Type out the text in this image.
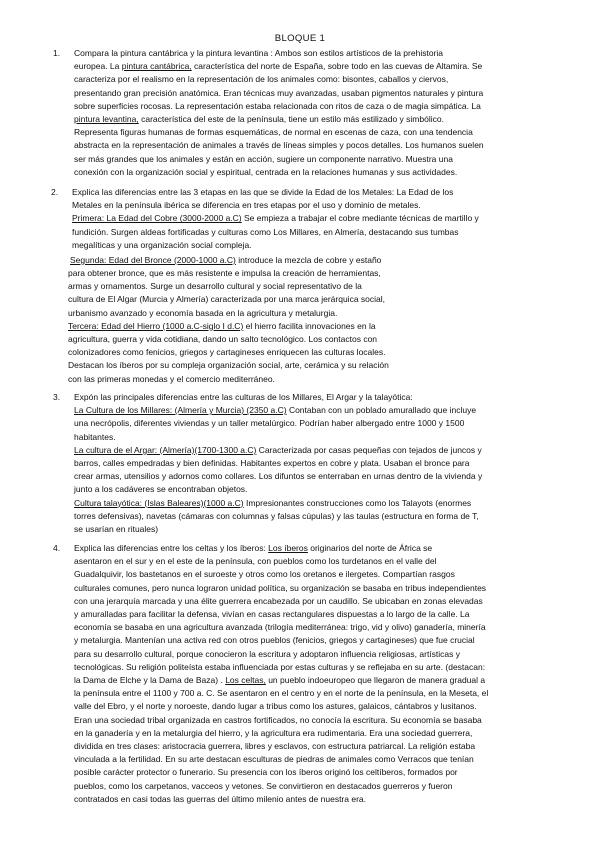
BLOQUE 1
1. Compara la pintura cantábrica y la pintura levantina : Ambos son estilos artísticos de la prehistoria
europea. La pintura cantábrica, característica del norte de España, sobre todo en las cuevas de Altamira. Se
caracteriza por el realismo en la representación de los animales como: bisontes, caballos y ciervos,
presentando gran precisión anatómica. Eran técnicas muy avanzadas, usaban pigmentos naturales y pintura
sobre superficies rocosas. La representación estaba relacionada con ritos de caza o de magia simpática. La
pintura levantina, característica del este de la península, tiene un estilo más estilizado y simbólico.
Representa figuras humanas de formas esquemáticas, de normal en escenas de caza, con una tendencia
abstracta en la representación de animales a través de líneas simples y pocos detalles. Los humanos suelen
ser más grandes que los animales y están en acción, sugiere un componente narrativo. Muestra una
conexión con la organización social y espiritual, centrada en la relaciones humanas y sus actividades.

2. Explica las diferencias entre las 3 etapas en las que se divide la Edad de los Metales: La Edad de los
Metales en la península ibérica se diferencia en tres etapas por el uso y dominio de metales.
Primera: La Edad del Cobre (3000-2000 a.C) Se empieza a trabajar el cobre mediante técnicas de martillo y
fundición. Surgen aldeas fortificadas y culturas como Los Millares, en Almería, destacando sus tumbas
megalíticas y una organización social compleja.

Segunda: Edad del Bronce (2000-1000 a.C) introduce la mezcla de cobre y estaño

para obtener bronce, que es más resistente e impulsa la creación de herramientas,
armas y ornamentos. Surge un desarrollo cultural y social representativo de la
cultura de El Algar (Murcia y Almería) caracterizada por una marca jerárquica social,
urbanismo avanzado y economía basada en la agricultura y metalurgia.
Tercera: Edad del Hierro (1000 a.C-siglo I d.C) el hierro facilita innovaciones en la
agricultura, guerra y vida cotidiana, dando un salto tecnológico. Los contactos con
colonizadores como fenicios, griegos y cartagineses enriquecen las culturas locales.
Destacan los íberos por su compleja organización social, arte, cerámica y su relación
con las primeras monedas y el comercio mediterráneo.

3. Expón las principales diferencias entre las culturas de los Millares, El Argar y la talayótica:
La Cultura de los Millares: (Almería y Murcia) (2350 a.C) Contaban con un poblado amurallado que incluye
una necrópolis, diferentes viviendas y un taller metalúrgico. Podrían haber albergado entre 1000 y 1500
habitantes.
La cultura de el Argar: (Almería)(1700-1300 a.C) Caracterizada por casas pequeñas con tejados de juncos y
barros, calles empedradas y bien definidas. Habitantes expertos en cobre y plata. Usaban el bronce para
crear armas, utensilios y adornos como collares. Los difuntos se enterraban en urnas dentro de la vivienda y
junto a los cadáveres se encontraban objetos.
Cultura talayótica: (Islas Baleares)(1000 a.C) Impresionantes construcciones como los Talayots (enormes
torres defensivas), navetas (cámaras con columnas y falsas cúpulas) y las taulas (estructura en forma de T,
se usarían en rituales)

4. Explica las diferencias entre los celtas y los íberos: Los íberos originarios del norte de África se
asentaron en el sur y en el este de la península, con pueblos como los turdetanos en el valle del
Guadalquivir, los bastetanos en el suroeste y otros como los oretanos e ilergetes. Compartían rasgos
culturales comunes, pero nunca lograron unidad política, su organización se basaba en tribus independientes
con una jerarquía marcada y una élite guerrera encabezada por un caudillo. Se ubicaban en zonas elevadas
y amuralladas para facilitar la defensa, vivían en casas rectangulares dispuestas a lo largo de la calle. La
economía se basaba en una agricultura avanzada (trilogía mediterránea: trigo, vid y olivo) ganadería, minería
y metalurgia. Mantenían una activa red con otros pueblos (fenicios, griegos y cartagineses) que fue crucial
para su desarrollo cultural, porque conocieron la escritura y adoptaron influencia religiosas, artísticas y
tecnológicas. Su religión politeísta estaba influenciada por estas culturas y se reflejaba en su arte. (destacan:
la Dama de Elche y la Dama de Baza) . Los celtas, un pueblo indoeuropeo que llegaron de manera gradual a
la península entre el 1100 y 700 a. C. Se asentaron en el centro y en el norte de la península, en la Meseta, el
valle del Ebro, y el norte y noroeste, dando lugar a tribus como los astures, galaicos, cántabros y lusitanos.
Eran una sociedad tribal organizada en castros fortificados, no conocía la escritura. Su economía se basaba
en la ganadería y en la metalurgia del hierro, y la agricultura era rudimentaria. Era una sociedad guerrera,
dividida en tres clases: aristocracia guerrera, libres y esclavos, con estructura patriarcal. La religión estaba
vinculada a la fertilidad. En su arte destacan esculturas de piedras de animales como Verracos que tenían
posible carácter protector o funerario. Su presencia con los íberos originó los celtíberos, formados por
pueblos, como los carpetanos, vacceos y vetones. Se convirtieron en destacados guerreros y fueron
contratados en casi todas las guerras del último milenio antes de nuestra era.
